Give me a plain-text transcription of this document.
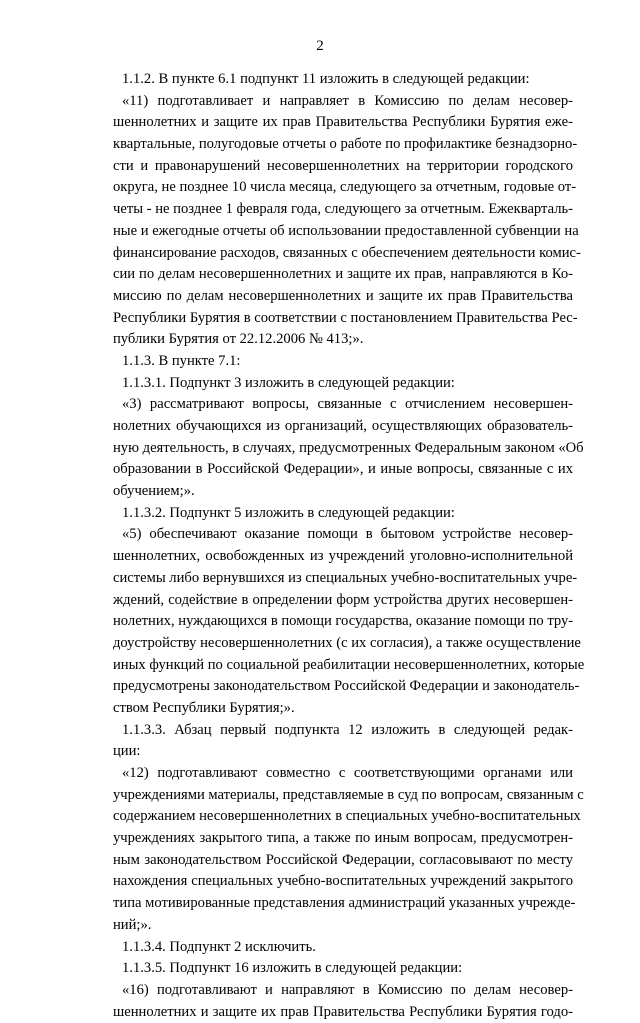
2
1.1.2. В пункте 6.1 подпункт 11 изложить в следующей редакции:
«11) подготавливает и направляет в Комиссию по делам несовер-
шеннолетних и защите их прав Правительства Республики Бурятия ежe-
квартальные, полугодовые отчеты о работе по профилактике безнадзорно-
сти и правонарушений несовершеннолетних на территории городского
округа, не позднее 10 числа месяца, следующего за отчетным, годовые от-
четы - не позднее 1 февраля года, следующего за отчетным. Ежекварталь-
ные и ежегодные отчеты об использовании предоставленной субвенции на
финансирование расходов, связанных с обеспечением деятельности комис-
сии по делам несовершеннолетних и защите их прав, направляются в Ко-
миссию по делам несовершеннолетних и защите их прав Правительства
Республики Бурятия в соответствии с постановлением Правительства Рес-
публики Бурятия от 22.12.2006 № 413;».
1.1.3. В пункте 7.1:
1.1.3.1. Подпункт 3 изложить в следующей редакции:
«3) рассматривают вопросы, связанные с отчислением несовершен-
нолетних обучающихся из организаций, осуществляющих образователь-
ную деятельность, в случаях, предусмотренных Федеральным законом «Об
образовании в Российской Федерации», и иные вопросы, связанные с их
обучением;».
1.1.3.2. Подпункт 5 изложить в следующей редакции:
«5) обеспечивают оказание помощи в бытовом устройстве несовер-
шеннолетних, освобожденных из учреждений уголовно-исполнительной
системы либо вернувшихся из специальных учебно-воспитательных учре-
ждений, содействие в определении форм устройства других несовершен-
нолетних, нуждающихся в помощи государства, оказание помощи по тру-
доустройству несовершеннолетних (с их согласия), а также осуществление
иных функций по социальной реабилитации несовершеннолетних, которые
предусмотрены законодательством Российской Федерации и законодатель-
ством Республики Бурятия;».
1.1.3.3. Абзац первый подпункта 12 изложить в следующей редак-
ции:
«12) подготавливают совместно с соответствующими органами или
учреждениями материалы, представляемые в суд по вопросам, связанным с
содержанием несовершеннолетних в специальных учебно-воспитательных
учреждениях закрытого типа, а также по иным вопросам, предусмотрен-
ным законодательством Российской Федерации, согласовывают по месту
нахождения специальных учебно-воспитательных учреждений закрытого
типа мотивированные представления администраций указанных учрежде-
ний;».
1.1.3.4. Подпункт 2 исключить.
1.1.3.5. Подпункт 16 изложить в следующей редакции:
«16) подготавливают и направляют в Комиссию по делам несовер-
шеннолетних и защите их прав Правительства Республики Бурятия годо-
